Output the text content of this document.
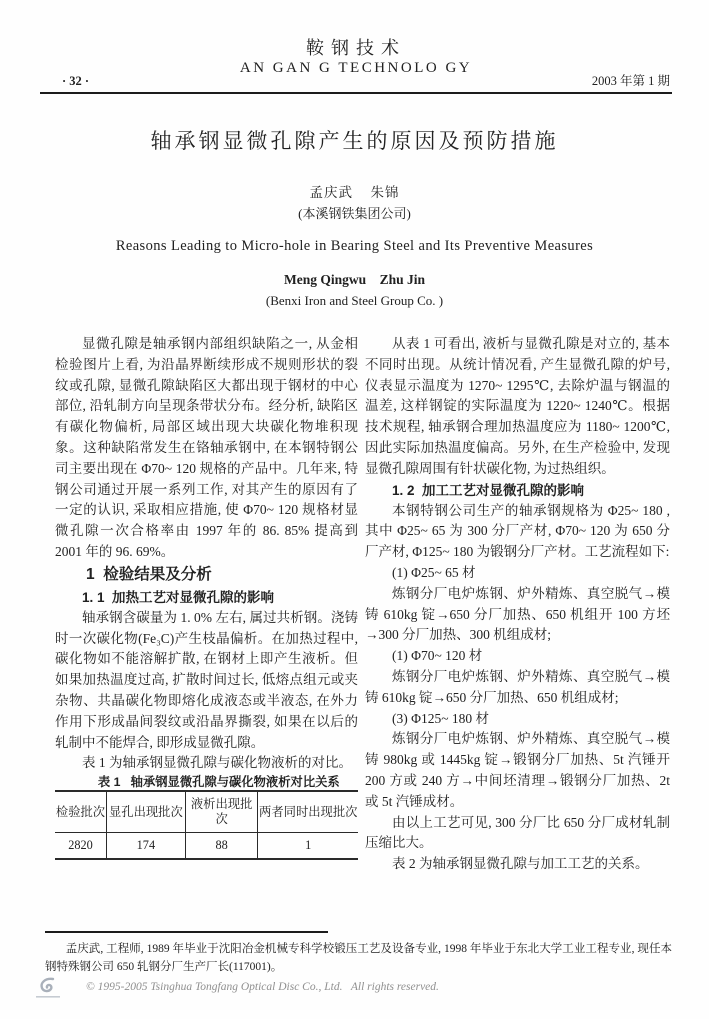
鞍钢技术
AN GAN G TECHNOLO GY
· 32 ·	2003 年第 1 期
轴承钢显微孔隙产生的原因及预防措施
孟庆武    朱锦
(本溪钢铁集团公司)
Reasons Leading to Micro-hole in Bearing Steel and Its Preventive Measures
Meng Qingwu    Zhu Jin
(Benxi Iron and Steel Group Co. )

显微孔隙是轴承钢内部组织缺陷之一, 从金相检验图片上看, 为沿晶界断续形成不规则形状的裂纹或孔隙, 显微孔隙缺陷区大都出现于钢材的中心部位, 沿轧制方向呈现条带状分布。经分析, 缺陷区有碳化物偏析, 局部区域出现大块碳化物堆积现象。这种缺陷常发生在铬轴承钢中, 在本钢特钢公司主要出现在 Φ70~ 120 规格的产品中。几年来, 特钢公司通过开展一系列工作, 对其产生的原因有了一定的认识, 采取相应措施, 使 Φ70~ 120 规格材显微孔隙一次合格率由 1997 年的 86. 85% 提高到 2001 年的 96. 69%。

1  检验结果及分析

1. 1  加热工艺对显微孔隙的影响

轴承钢含碳量为 1. 0% 左右, 属过共析钢。浇铸时一次碳化物(Fe₃C)产生枝晶偏析。在加热过程中, 碳化物如不能溶解扩散, 在钢材上即产生液析。但如果加热温度过高, 扩散时间过长, 低熔点组元或夹杂物、共晶碳化物即熔化成液态或半液态, 在外力作用下形成晶间裂纹或沿晶界撕裂, 如果在以后的轧制中不能焊合, 即形成显微孔隙。

表 1 为轴承钢显微孔隙与碳化物液析的对比。

表 1   轴承钢显微孔隙与碳化物液析对比关系

检验批次	显孔出现批次	液析出现批次	两者同时出现批次
2820	174	88	1

从表 1 可看出, 液析与显微孔隙是对立的, 基本不同时出现。从统计情况看, 产生显微孔隙的炉号, 仪表显示温度为 1270~ 1295℃, 去除炉温与钢温的温差, 这样钢锭的实际温度为 1220~ 1240℃。根据技术规程, 轴承钢合理加热温度应为 1180~ 1200℃, 因此实际加热温度偏高。另外, 在生产检验中, 发现显微孔隙周围有针状碳化物, 为过热组织。

1. 2  加工工艺对显微孔隙的影响

本钢特钢公司生产的轴承钢规格为 Φ25~ 180 , 其中 Φ25~ 65 为 300 分厂产材, Φ70~ 120 为 650 分厂产材, Φ125~ 180 为锻钢分厂产材。工艺流程如下:

(1) Φ25~ 65 材

炼钢分厂电炉炼钢、炉外精炼、真空脱气→模铸 610kg 锭→650 分厂加热、650 机组开 100 方坯→300 分厂加热、300 机组成材;

(1) Φ70~ 120 材

炼钢分厂电炉炼钢、炉外精炼、真空脱气→模铸 610kg 锭→650 分厂加热、650 机组成材;

(3) Φ125~ 180 材

炼钢分厂电炉炼钢、炉外精炼、真空脱气→模铸 980kg 或 1445kg 锭→锻钢分厂加热、5t 汽锤开 200 方或 240 方→中间坯清理→锻钢分厂加热、2t 或 5t 汽锤成材。

由以上工艺可见, 300 分厂比 650 分厂成材轧制压缩比大。

表 2 为轴承钢显微孔隙与加工工艺的关系。

孟庆武, 工程师, 1989 年毕业于沈阳冶金机械专科学校锻压工艺及设备专业, 1998 年毕业于东北大学工业工程专业, 现任本钢特殊钢公司 650 轧钢分厂生产厂长(117001)。
© 1995-2005 Tsinghua Tongfang Optical Disc Co., Ltd.   All rights reserved.
